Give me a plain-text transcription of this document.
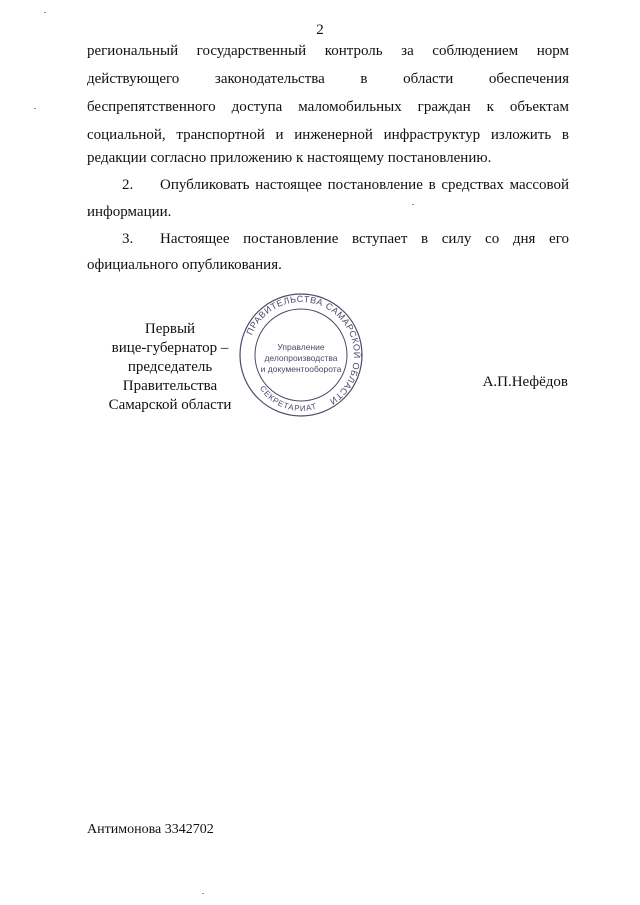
2
региональный государственный контроль за соблюдением норм
действующего законодательства в области обеспечения
беспрепятственного доступа маломобильных граждан к объектам
социальной, транспортной и инженерной инфраструктур изложить в
редакции согласно приложению к настоящему постановлению.
2. Опубликовать настоящее постановление в средствах массовой
информации.
3. Настоящее постановление вступает в силу со дня его
официального опубликования.
Первый
вице-губернатор –
председатель Правительства
Самарской области
ПРАВИТЕЛЬСТВА САМАРСКОЙ ОБЛАСТИ
СЕКРЕТАРИАТ
Управление
делопроизводства
и документооборота
А.П.Нефёдов
Антимонова 3342702
